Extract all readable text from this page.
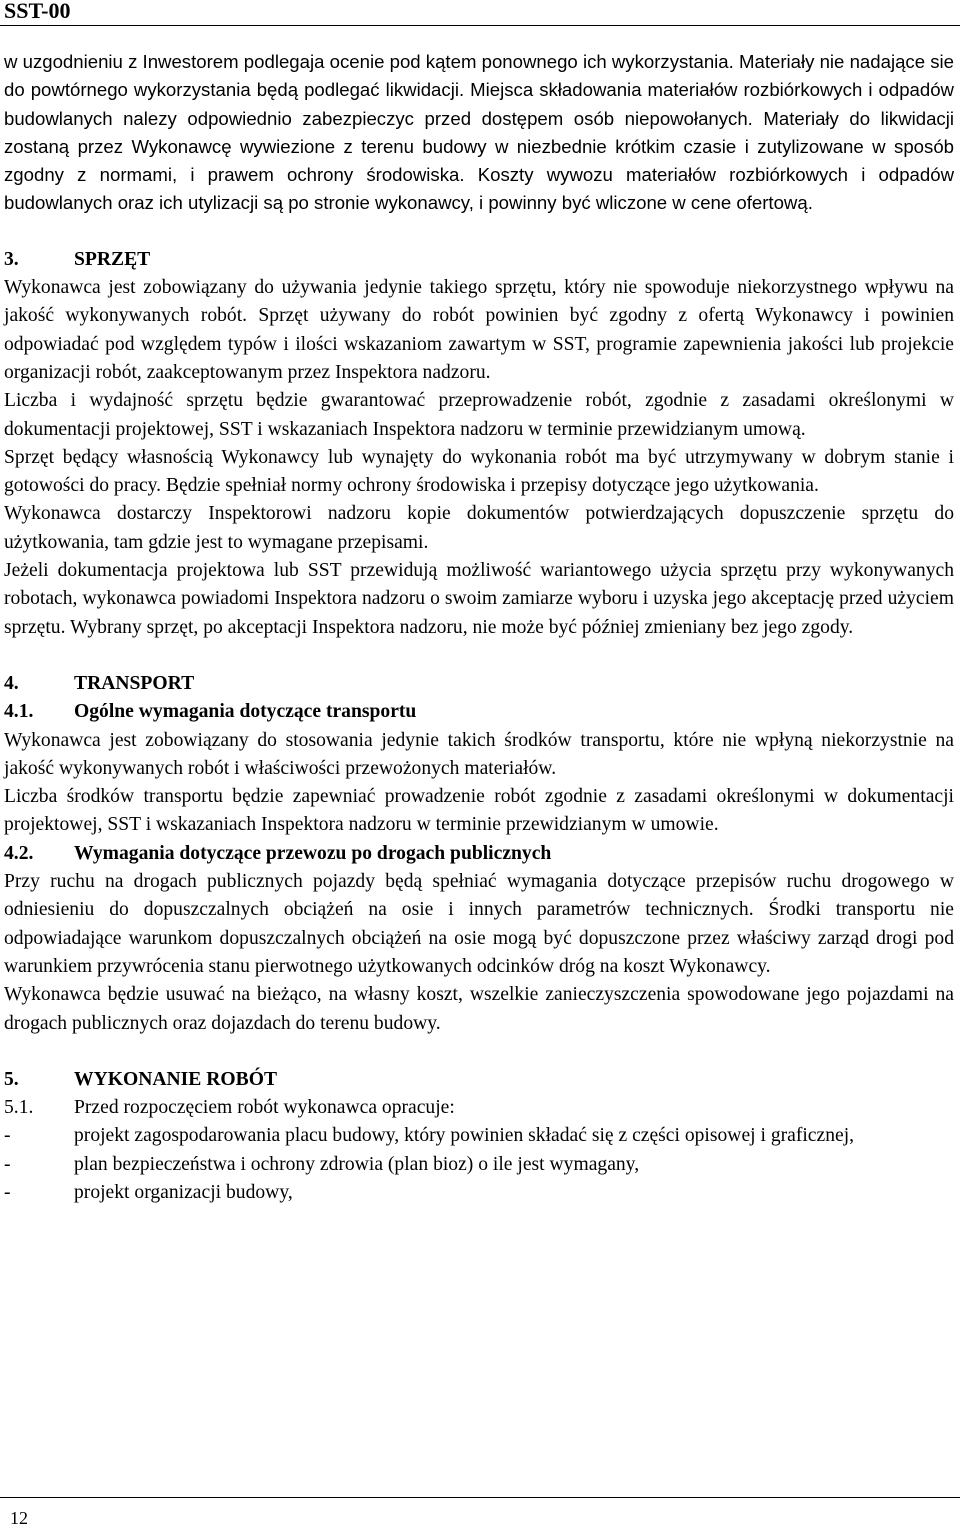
SST-00

w uzgodnieniu z Inwestorem podlegaja ocenie pod kątem ponownego ich wykorzystania. Materiały nie nadające sie do powtórnego wykorzystania będą podlegać likwidacji. Miejsca składowania materiałów rozbiórkowych i odpadów budowlanych nalezy odpowiednio zabezpieczyc przed dostępem osób niepowołanych. Materiały do likwidacji zostaną przez Wykonawcę wywiezione z terenu budowy w niezbednie krótkim czasie i zutylizowane w sposób zgodny z normami, i prawem ochrony środowiska. Koszty wywozu materiałów rozbiórkowych i odpadów budowlanych oraz ich utylizacji są po stronie wykonawcy, i powinny być wliczone w cene ofertową.

3.	SPRZĘT

Wykonawca jest zobowiązany do używania jedynie takiego sprzętu, który nie spowoduje niekorzystnego wpływu na jakość wykonywanych robót. Sprzęt używany do robót powinien być zgodny z ofertą Wykonawcy i powinien odpowiadać pod względem typów i ilości wskazaniom zawartym w SST, programie zapewnienia jakości lub projekcie organizacji robót, zaakceptowanym przez Inspektora nadzoru.

Liczba i wydajność sprzętu będzie gwarantować przeprowadzenie robót, zgodnie z zasadami określonymi w dokumentacji projektowej, SST i wskazaniach Inspektora nadzoru w terminie przewidzianym umową.

Sprzęt będący własnością Wykonawcy lub wynajęty do wykonania robót ma być utrzymywany w dobrym stanie i gotowości do pracy. Będzie spełniał normy ochrony środowiska i przepisy dotyczące jego użytkowania.

Wykonawca dostarczy Inspektorowi nadzoru kopie dokumentów potwierdzających dopuszczenie sprzętu do użytkowania, tam gdzie jest to wymagane przepisami.

Jeżeli dokumentacja projektowa lub SST przewidują możliwość wariantowego użycia sprzętu przy wykonywanych robotach, wykonawca powiadomi Inspektora nadzoru o swoim zamiarze wyboru i uzyska jego akceptację przed użyciem sprzętu. Wybrany sprzęt, po akceptacji Inspektora nadzoru, nie może być później zmieniany bez jego zgody.

4.	TRANSPORT

4.1. Ogólne wymagania dotyczące transportu

Wykonawca jest zobowiązany do stosowania jedynie takich środków transportu, które nie wpłyną niekorzystnie na jakość wykonywanych robót i właściwości przewożonych materiałów.

Liczba środków transportu będzie zapewniać prowadzenie robót zgodnie z zasadami określonymi w dokumentacji projektowej, SST i wskazaniach Inspektora nadzoru w terminie przewidzianym w umowie.

4.2. Wymagania dotyczące przewozu po drogach publicznych

Przy ruchu na drogach publicznych pojazdy będą spełniać wymagania dotyczące przepisów ruchu drogowego w odniesieniu do dopuszczalnych obciążeń na osie i innych parametrów technicznych. Środki transportu nie odpowiadające warunkom dopuszczalnych obciążeń na osie mogą być dopuszczone przez właściwy zarząd drogi pod warunkiem przywrócenia stanu pierwotnego użytkowanych odcinków dróg na koszt Wykonawcy.

Wykonawca będzie usuwać na bieżąco, na własny koszt, wszelkie zanieczyszczenia spowodowane jego pojazdami na drogach publicznych oraz dojazdach do terenu budowy.

5.	WYKONANIE ROBÓT

5.1. Przed rozpoczęciem robót wykonawca opracuje:

-	projekt zagospodarowania placu budowy, który powinien składać się z części opisowej i graficznej,
-	plan bezpieczeństwa i ochrony zdrowia (plan bioz) o ile jest wymagany,
-	projekt organizacji budowy,
12
